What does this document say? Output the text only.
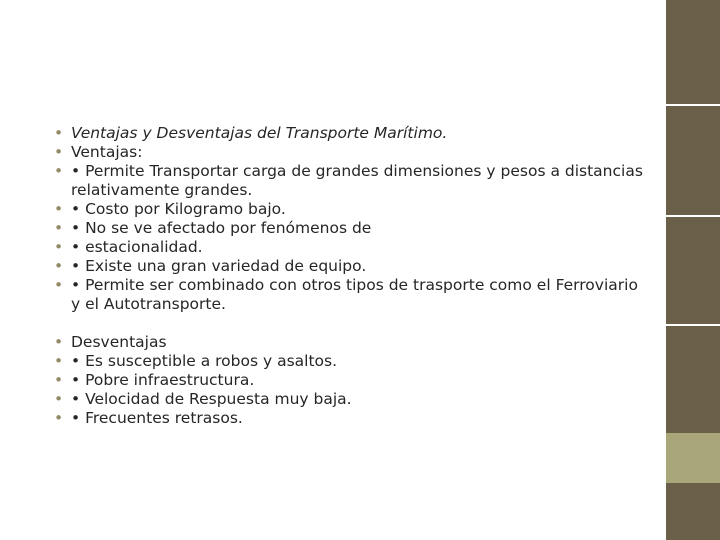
• Ventajas y Desventajas del Transporte Marítimo.
• Ventajas:
• • Permite Transportar carga de grandes dimensiones y pesos a distancias relativamente grandes.
• • Costo por Kilogramo bajo.
• • No se ve afectado por fenómenos de
• • estacionalidad.
• • Existe una gran variedad de equipo.
• • Permite ser combinado con otros tipos de trasporte como el Ferroviario y el Autotransporte.
• Desventajas
• • Es susceptible a robos y asaltos.
• • Pobre infraestructura.
• • Velocidad de Respuesta muy baja.
• • Frecuentes retrasos.
